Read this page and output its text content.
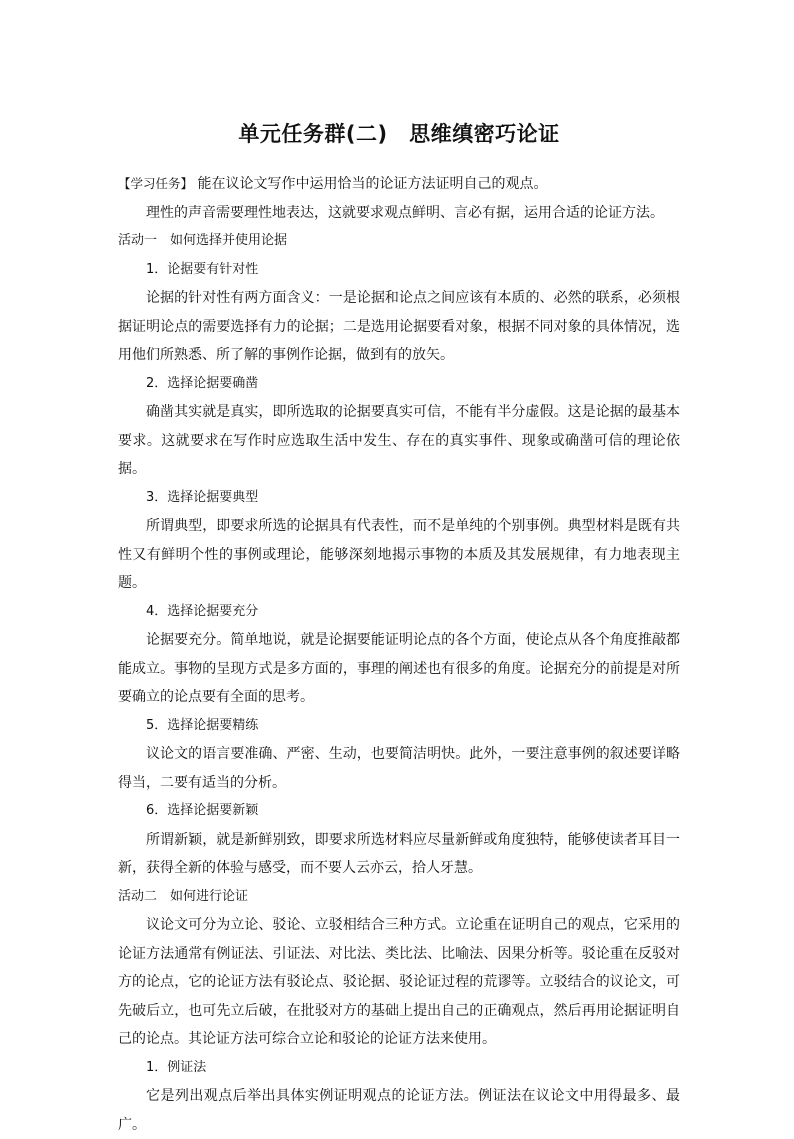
单元任务群(二)　思维缜密巧论证

【学习任务】 能在议论文写作中运用恰当的论证方法证明自己的观点。

理性的声音需要理性地表达，这就要求观点鲜明、言必有据，运用合适的论证方法。

活动一　如何选择并使用论据

1．论据要有针对性

论据的针对性有两方面含义：一是论据和论点之间应该有本质的、必然的联系，必须根据证明论点的需要选择有力的论据；二是选用论据要看对象，根据不同对象的具体情况，选用他们所熟悉、所了解的事例作论据，做到有的放矢。

2．选择论据要确凿

确凿其实就是真实，即所选取的论据要真实可信，不能有半分虚假。这是论据的最基本要求。这就要求在写作时应选取生活中发生、存在的真实事件、现象或确凿可信的理论依据。

3．选择论据要典型

所谓典型，即要求所选的论据具有代表性，而不是单纯的个别事例。典型材料是既有共性又有鲜明个性的事例或理论，能够深刻地揭示事物的本质及其发展规律，有力地表现主题。

4．选择论据要充分

论据要充分。简单地说，就是论据要能证明论点的各个方面，使论点从各个角度推敲都能成立。事物的呈现方式是多方面的，事理的阐述也有很多的角度。论据充分的前提是对所要确立的论点要有全面的思考。

5．选择论据要精练

议论文的语言要准确、严密、生动，也要简洁明快。此外，一要注意事例的叙述要详略得当，二要有适当的分析。

6．选择论据要新颖

所谓新颖，就是新鲜别致，即要求所选材料应尽量新鲜或角度独特，能够使读者耳目一新，获得全新的体验与感受，而不要人云亦云，拾人牙慧。

活动二　如何进行论证

议论文可分为立论、驳论、立驳相结合三种方式。立论重在证明自己的观点，它采用的论证方法通常有例证法、引证法、对比法、类比法、比喻法、因果分析等。驳论重在反驳对方的论点，它的论证方法有驳论点、驳论据、驳论证过程的荒谬等。立驳结合的议论文，可先破后立，也可先立后破，在批驳对方的基础上提出自己的正确观点，然后再用论据证明自己的论点。其论证方法可综合立论和驳论的论证方法来使用。

1．例证法

它是列出观点后举出具体实例证明观点的论证方法。例证法在议论文中用得最多、最广。
